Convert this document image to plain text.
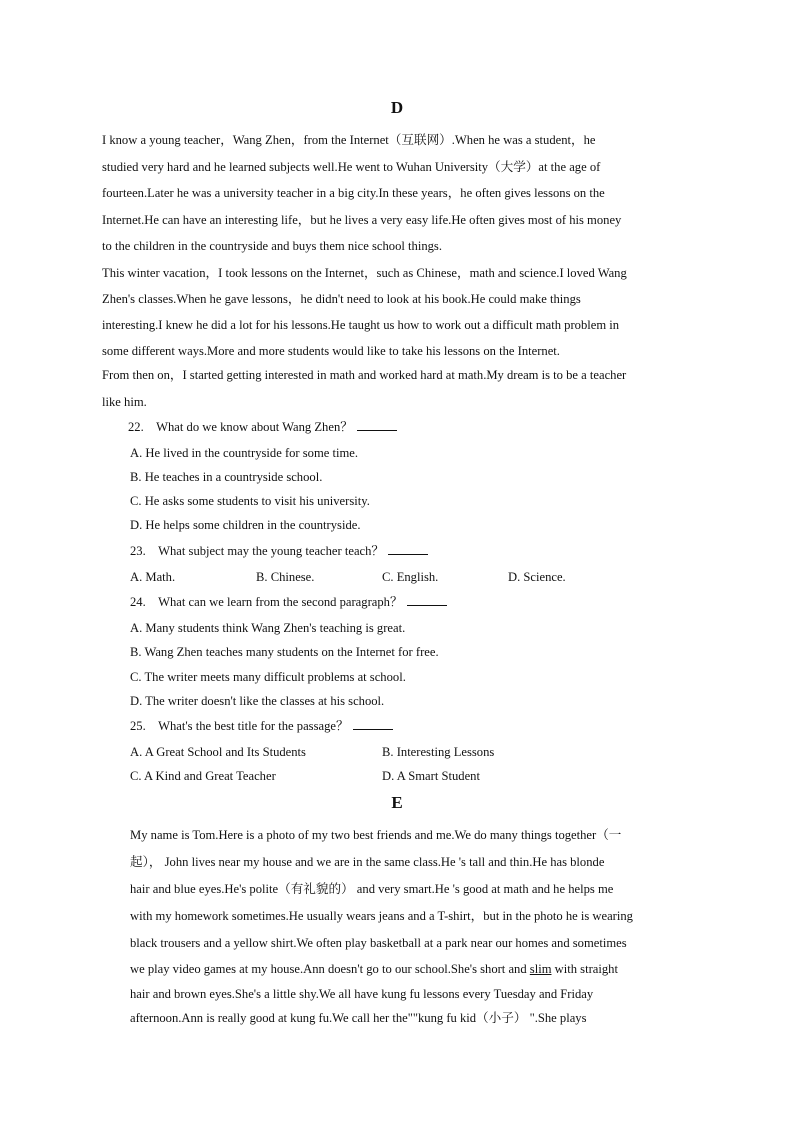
D
I know a young teacher，Wang Zhen，from the Internet（互联网）.When he was a student，he
studied very hard and he learned subjects well.He went to Wuhan University（大学）at the age of
fourteen.Later he was a university teacher in a big city.In these years，he often gives lessons on the
Internet.He can have an interesting life，but he lives a very easy life.He often gives most of his money
to the children in the countryside and buys them nice school things.
This winter vacation，I took lessons on the Internet，such as Chinese，math and science.I loved Wang
Zhen's classes.When he gave lessons，he didn't need to look at his book.He could make things
interesting.I knew he did a lot for his lessons.He taught us how to work out a difficult math problem in
some different ways.More and more students would like to take his lessons on the Internet.
From then on，I started getting interested in math and worked hard at math.My dream is to be a teacher
like him.
22. What do we know about Wang Zhen？
A. He lived in the countryside for some time.
B. He teaches in a countryside school.
C. He asks some students to visit his university.
D. He helps some children in the countryside.
23. What subject may the young teacher teach？
A. Math.	B. Chinese.	C. English.	D. Science.
24. What can we learn from the second paragraph？
A. Many students think Wang Zhen's teaching is great.
B. Wang Zhen teaches many students on the Internet for free.
C. The writer meets many difficult problems at school.
D. The writer doesn't like the classes at his school.
25. What's the best title for the passage？
A. A Great School and Its Students	B. Interesting Lessons
C. A Kind and Great Teacher	D. A Smart Student
E
My name is Tom.Here is a photo of my two best friends and me.We do many things together（一
起）， John lives near my house and we are in the same class.He 's tall and thin.He has blonde
hair and blue eyes.He's polite（有礼貌的） and very smart.He 's good at math and he helps me
with my homework sometimes.He usually wears jeans and a T-shirt，but in the photo he is wearing
black trousers and a yellow shirt.We often play basketball at a park near our homes and sometimes
we play video games at my house.Ann doesn't go to our school.She's short and slim with straight
hair and brown eyes.She's a little shy.We all have kung fu lessons every Tuesday and Friday
afternoon.Ann is really good at kung fu.We call her the""kung fu kid（小子） ".She plays
